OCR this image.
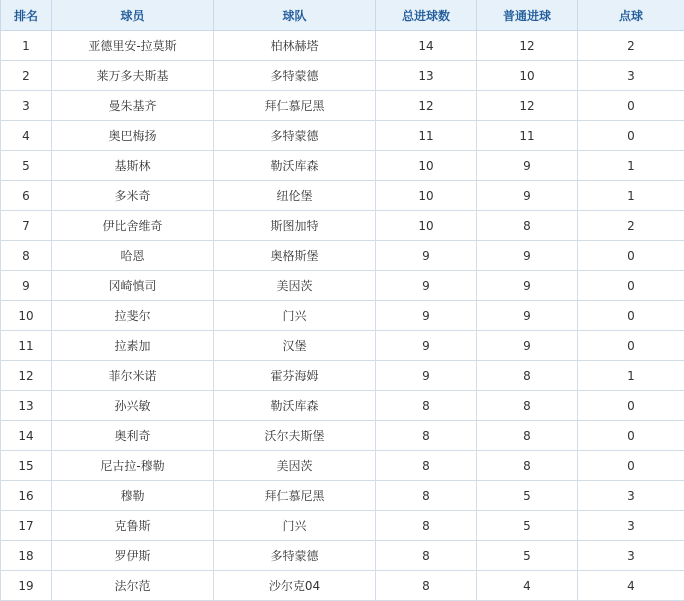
排名	球员	球队	总进球数	普通进球	点球
1	亚德里安-拉莫斯	柏林赫塔	14	12	2
2	莱万多夫斯基	多特蒙德	13	10	3
3	曼朱基齐	拜仁慕尼黑	12	12	0
4	奥巴梅扬	多特蒙德	11	11	0
5	基斯林	勒沃库森	10	9	1
6	多米奇	纽伦堡	10	9	1
7	伊比舍维奇	斯图加特	10	8	2
8	哈恩	奥格斯堡	9	9	0
9	冈崎慎司	美因茨	9	9	0
10	拉斐尔	门兴	9	9	0
11	拉素加	汉堡	9	9	0
12	菲尔米诺	霍芬海姆	9	8	1
13	孙兴敏	勒沃库森	8	8	0
14	奥利奇	沃尔夫斯堡	8	8	0
15	尼古拉-穆勒	美因茨	8	8	0
16	穆勒	拜仁慕尼黑	8	5	3
17	克鲁斯	门兴	8	5	3
18	罗伊斯	多特蒙德	8	5	3
19	法尔范	沙尔克04	8	4	4
